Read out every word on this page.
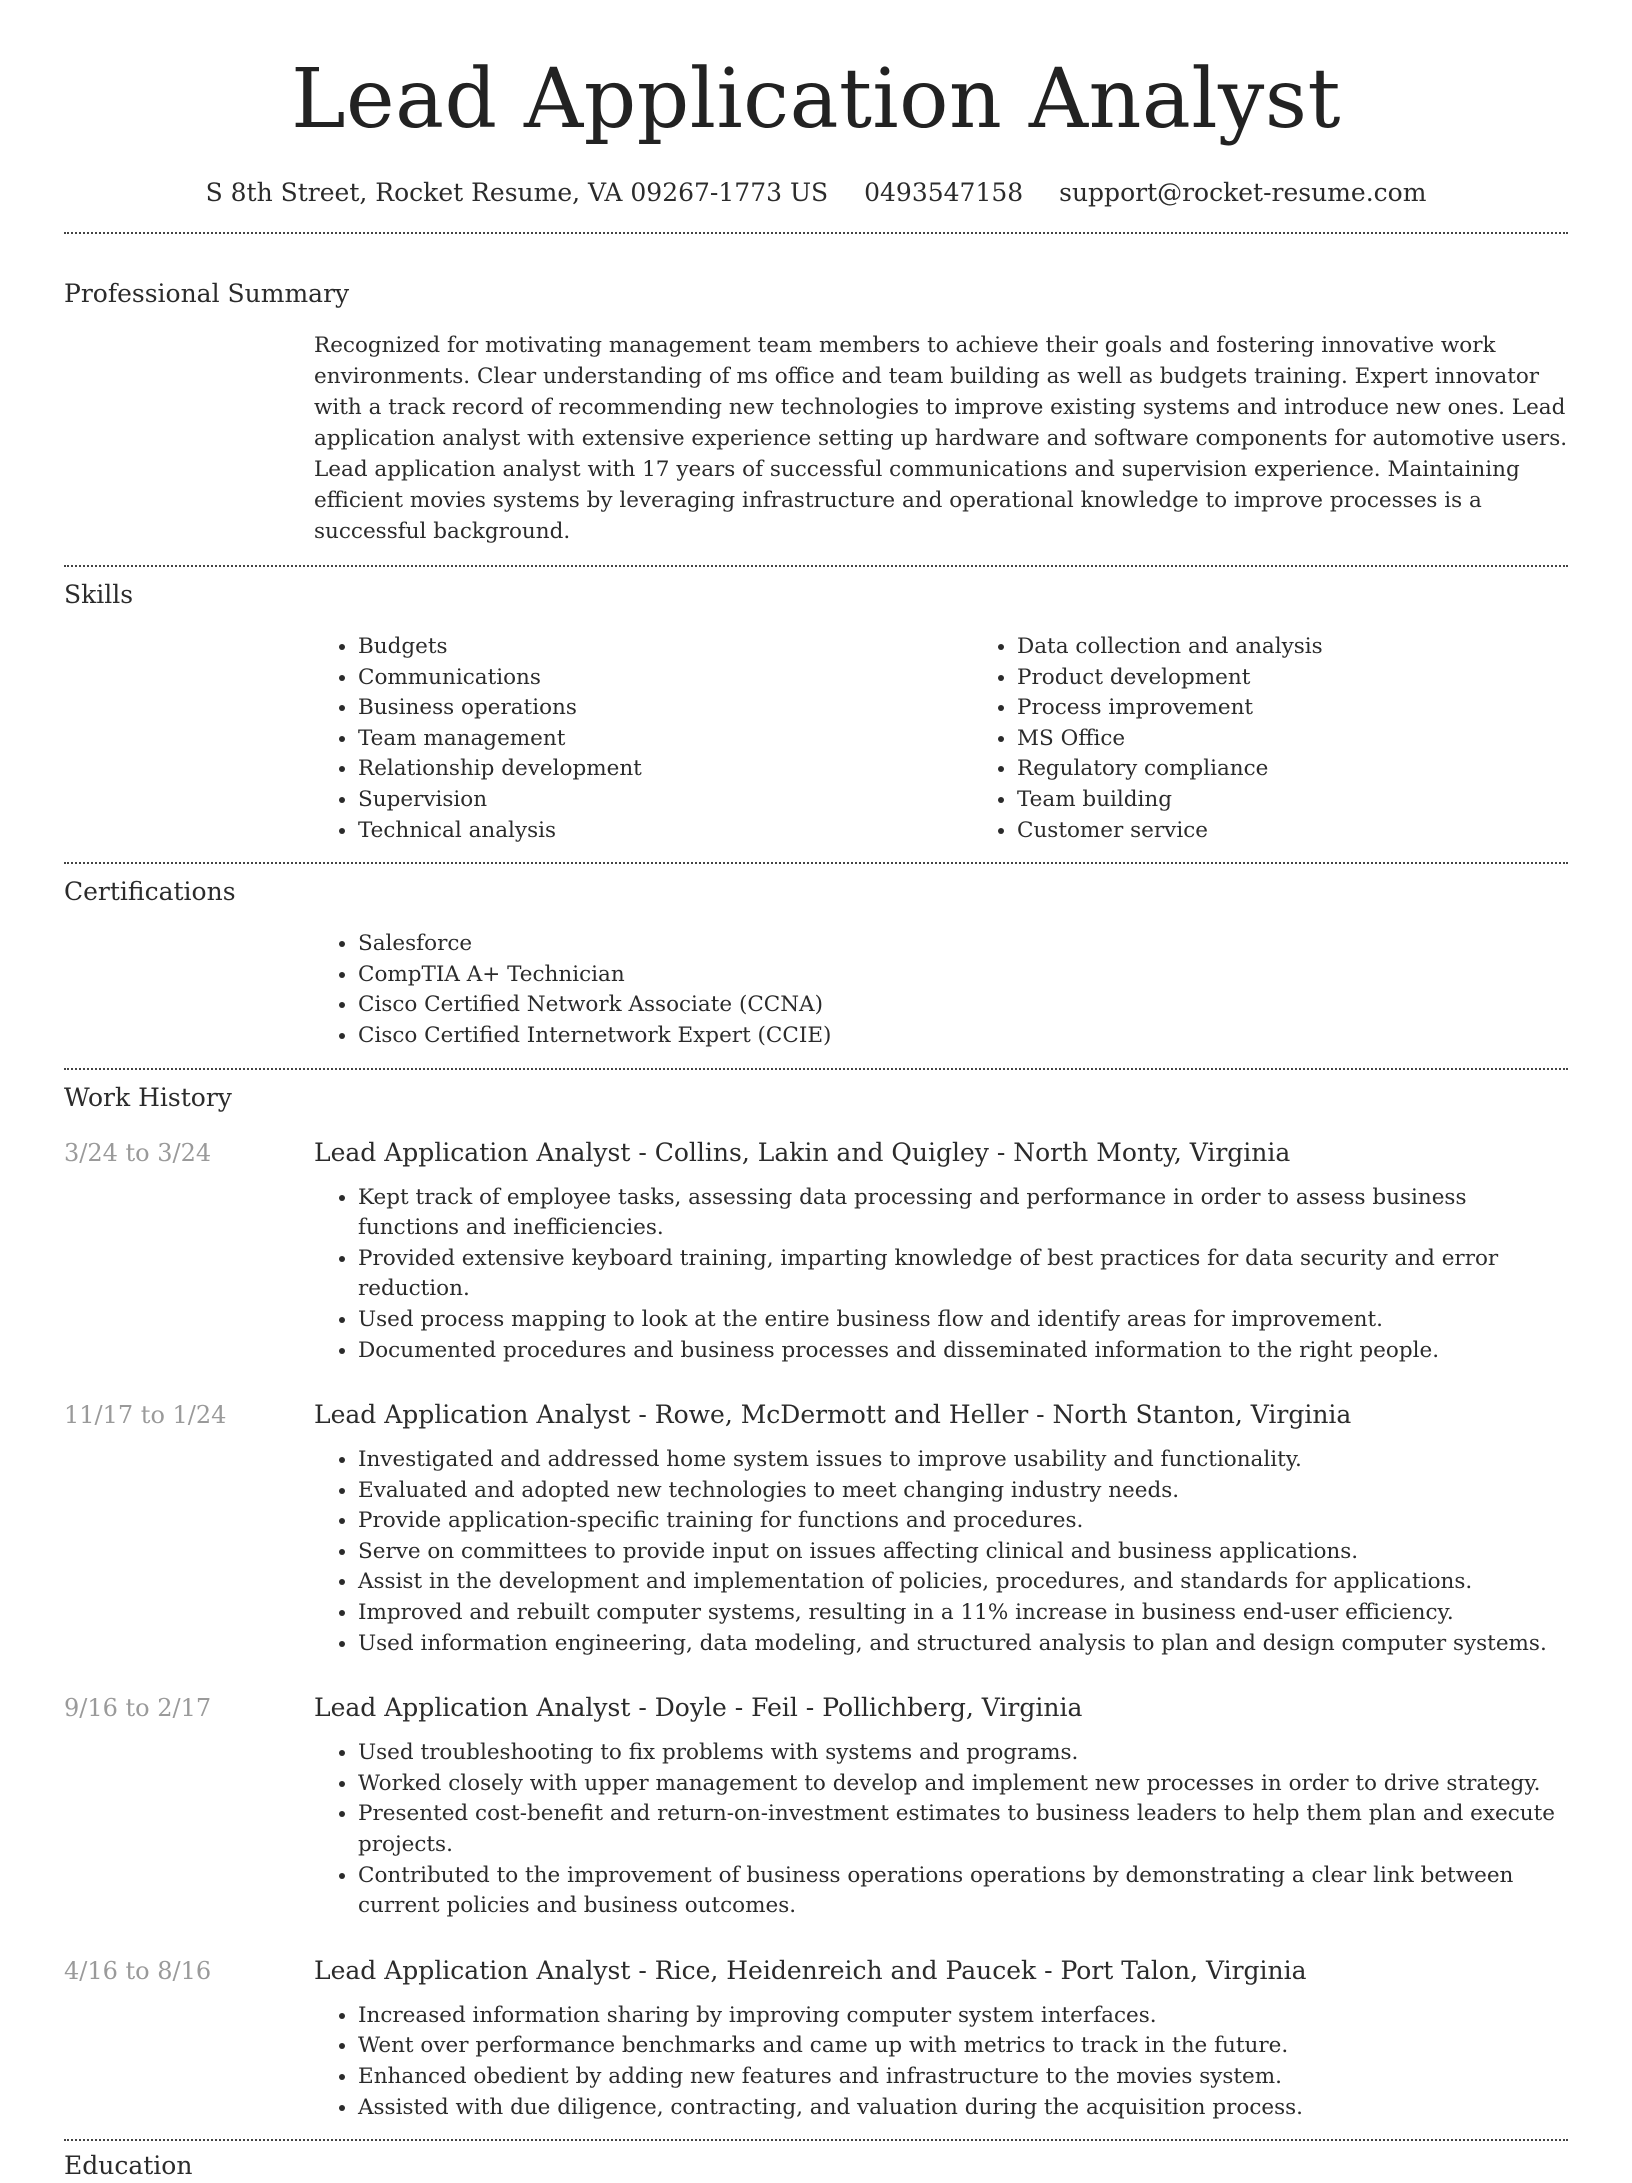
Lead Application Analyst
S 8th Street, Rocket Resume, VA 09267-1773 US 0493547158 support@rocket-resume.com
Professional Summary
Recognized for motivating management team members to achieve their goals and fostering innovative work environments. Clear understanding of ms office and team building as well as budgets training. Expert innovator with a track record of recommending new technologies to improve existing systems and introduce new ones. Lead application analyst with extensive experience setting up hardware and software components for automotive users. Lead application analyst with 17 years of successful communications and supervision experience. Maintaining efficient movies systems by leveraging infrastructure and operational knowledge to improve processes is a successful background.
Skills
• Budgets
• Communications
• Business operations
• Team management
• Relationship development
• Supervision
• Technical analysis
• Data collection and analysis
• Product development
• Process improvement
• MS Office
• Regulatory compliance
• Team building
• Customer service
Certifications
• Salesforce
• CompTIA A+ Technician
• Cisco Certified Network Associate (CCNA)
• Cisco Certified Internetwork Expert (CCIE)
Work History
3/24 to 3/24	Lead Application Analyst - Collins, Lakin and Quigley - North Monty, Virginia
• Kept track of employee tasks, assessing data processing and performance in order to assess business functions and inefficiencies.
• Provided extensive keyboard training, imparting knowledge of best practices for data security and error reduction.
• Used process mapping to look at the entire business flow and identify areas for improvement.
• Documented procedures and business processes and disseminated information to the right people.
11/17 to 1/24	Lead Application Analyst - Rowe, McDermott and Heller - North Stanton, Virginia
• Investigated and addressed home system issues to improve usability and functionality.
• Evaluated and adopted new technologies to meet changing industry needs.
• Provide application-specific training for functions and procedures.
• Serve on committees to provide input on issues affecting clinical and business applications.
• Assist in the development and implementation of policies, procedures, and standards for applications.
• Improved and rebuilt computer systems, resulting in a 11% increase in business end-user efficiency.
• Used information engineering, data modeling, and structured analysis to plan and design computer systems.
9/16 to 2/17	Lead Application Analyst - Doyle - Feil - Pollichberg, Virginia
• Used troubleshooting to fix problems with systems and programs.
• Worked closely with upper management to develop and implement new processes in order to drive strategy.
• Presented cost-benefit and return-on-investment estimates to business leaders to help them plan and execute projects.
• Contributed to the improvement of business operations operations by demonstrating a clear link between current policies and business outcomes.
4/16 to 8/16	Lead Application Analyst - Rice, Heidenreich and Paucek - Port Talon, Virginia
• Increased information sharing by improving computer system interfaces.
• Went over performance benchmarks and came up with metrics to track in the future.
• Enhanced obedient by adding new features and infrastructure to the movies system.
• Assisted with due diligence, contracting, and valuation during the acquisition process.
Education
